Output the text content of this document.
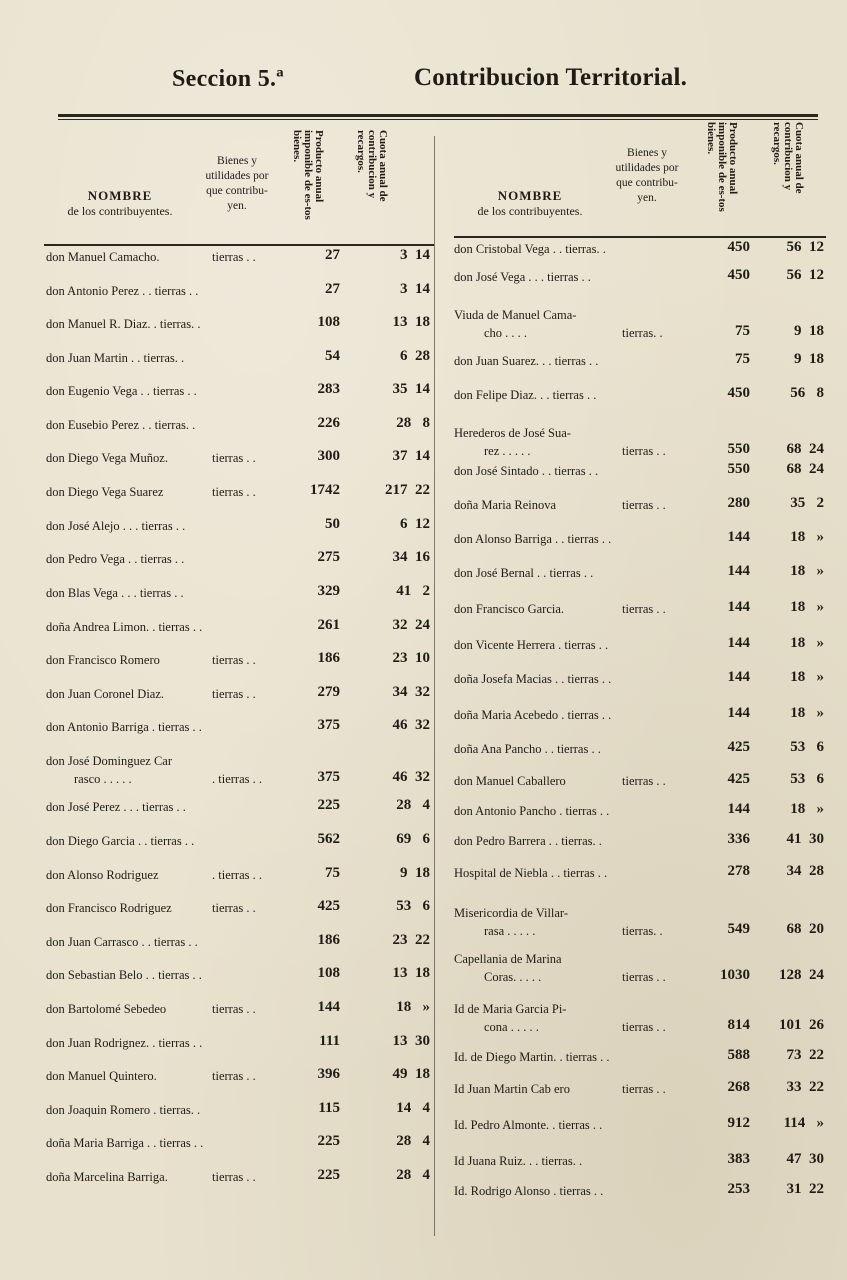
Seccion 5.ª	Contribucion Territorial.
NOMBRE
de los contribuyentes.
Bienes y utilidades por que contribu-yen.
Producto anual imponible de es-tos bienes.	Cuota anual de contribucion y recargos.
don Manuel Camacho.	tierras . .	27	3  14
don Antonio Perez . . tierras . .	27	3  14
don Manuel R. Diaz. . tierras. .	108	13  18
don Juan Martin . . tierras. .	54	6  28
don Eugenio Vega . . tierras . .	283	35  14
don Eusebio Perez . . tierras. .	226	28   8
don Diego Vega Muñoz.	tierras . .	300	37  14
don Diego Vega Suarez	tierras . .	1742	217  22
don José Alejo . . . tierras . .	50	6  12
don Pedro Vega . . tierras . .	275	34  16
don Blas Vega . . . tierras . .	329	41   2
doña Andrea Limon. . tierras . .	261	32  24
don Francisco Romero	tierras . .	186	23  10
don Juan Coronel Diaz.	tierras . .	279	34  32
don Antonio Barriga . tierras . .	375	46  32
don José Dominguez Car
rasco . . . . .	. tierras . .	375	46  32
don José Perez . . . tierras . .	225	28   4
don Diego Garcia . . tierras . .	562	69   6
don Alonso Rodriguez	. tierras . .	75	9  18
don Francisco Rodriguez	tierras . .	425	53   6
don Juan Carrasco . . tierras . .	186	23  22
don Sebastian Belo . . tierras . .	108	13  18
don Bartolomé Sebedeo	tierras . .	144	18   »
don Juan Rodrignez. . tierras . .	111	13  30
don Manuel Quintero.	tierras . .	396	49  18
don Joaquin Romero . tierras. .	115	14   4
doña Maria Barriga . . tierras . .	225	28   4
doña Marcelina Barriga.	tierras . .	225	28   4
NOMBRE
de los contribuyentes.
Bienes y utilidades por que contribu-yen.
Producto anual imponible de es-tos bienes.	Cuota anual de contribucion y recargos.
don Cristobal Vega . . tierras. .	450	56  12
don José Vega . . . tierras . .	450	56  12
Viuda de Manuel Cama-
cho . . . .	tierras. .	75	9  18
don Juan Suarez. . . tierras . .	75	9  18
don Felipe Diaz. . . tierras . .	450	56   8
Herederos de José Sua-
rez . . . . .	tierras . .	550	68  24
don José Sintado . . tierras . .	550	68  24
doña Maria Reinova	tierras . .	280	35   2
don Alonso Barriga . . tierras . .	144	18   »
don José Bernal . . tierras . .	144	18   »
don Francisco Garcia.	tierras . .	144	18   »
don Vicente Herrera . tierras . .	144	18   »
doña Josefa Macias . . tierras . .	144	18   »
doña Maria Acebedo . tierras . .	144	18   »
doña Ana Pancho . . tierras . .	425	53   6
don Manuel Caballero	tierras . .	425	53   6
don Antonio Pancho . tierras . .	144	18   »
don Pedro Barrera . . tierras. .	336	41  30
Hospital de Niebla . . tierras . .	278	34  28
Misericordia de Villar-
rasa . . . . .	tierras. .	549	68  20
Capellania de Marina
Coras. . . . .	tierras . .	1030	128  24
Id de Maria Garcia Pi-
cona . . . . .	tierras . .	814	101  26
Id. de Diego Martin. . tierras . .	588	73  22
Id Juan Martin Cab ero	tierras . .	268	33  22
Id. Pedro Almonte. . tierras . .	912	114   »
Id Juana Ruiz. . . tierras. .	383	47  30
Id. Rodrigo Alonso . tierras . .	253	31  22
